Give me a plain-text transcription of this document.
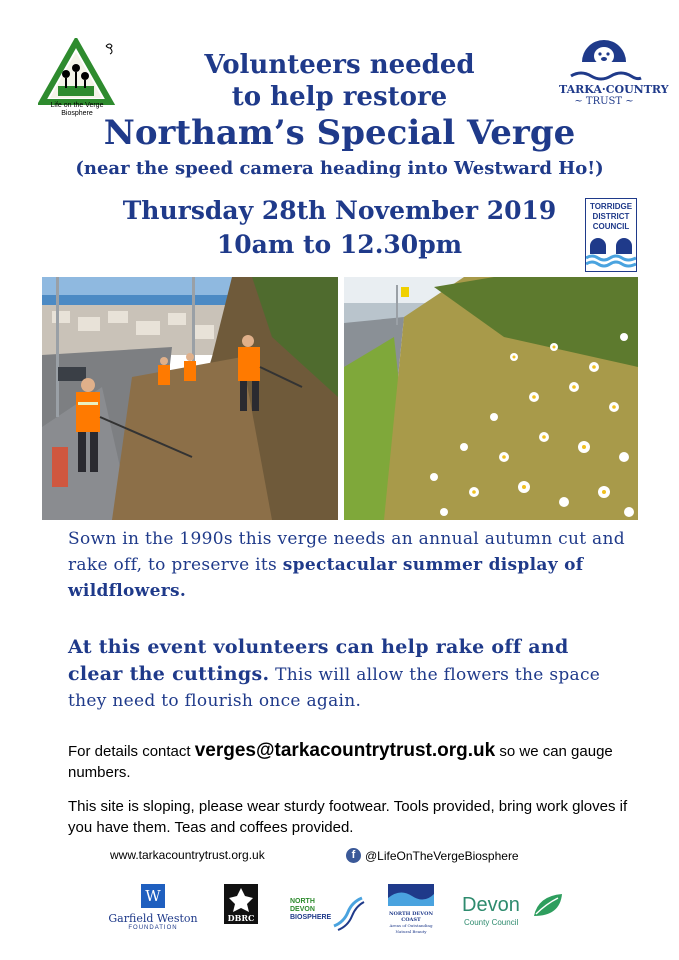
Life on the Verge
Biosphere
TARKA·COUNTRY
~ TRUST ~
TORRIDGE
DISTRICT
COUNCIL
Volunteers needed
to help restore
Northam’s Special Verge
(near the speed camera heading into Westward Ho!)
Thursday 28th November 2019
10am to 12.30pm
Sown in the 1990s this verge needs an annual autumn cut and rake off, to preserve its spectacular summer display of wildflowers.
At this event volunteers can help rake off and clear the cuttings. This will allow the flowers the space they need to flourish once again.
For details contact verges@tarkacountrytrust.org.uk so we can gauge numbers.
This site is sloping, please wear sturdy footwear. Tools provided, bring work gloves if you have them. Teas and coffees provided.
www.tarkacountrytrust.org.uk	f @LifeOnTheVergeBiosphere
W
Garfield Weston
FOUNDATION
DBRC
NORTH
DEVON
BIOSPHERE	NORTH DEVON
COAST
Areas of Outstanding
Natural Beauty
Devon
County Council
